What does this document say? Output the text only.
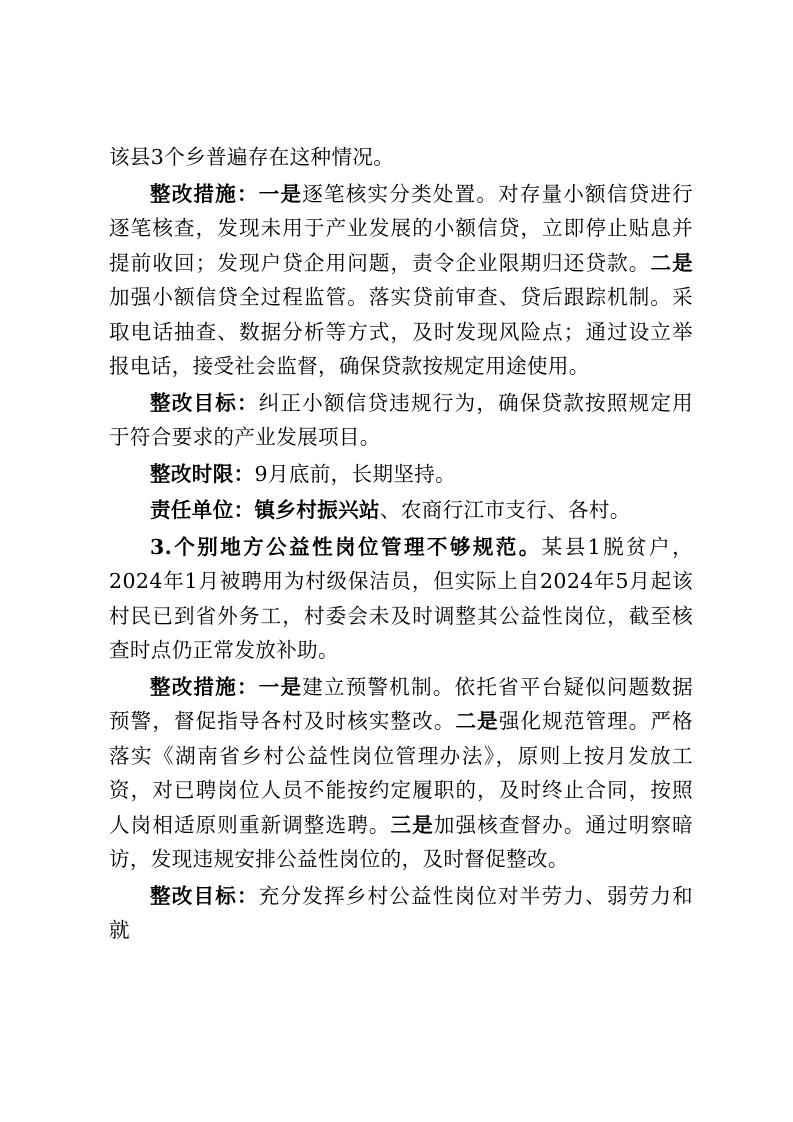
该县3个乡普遍存在这种情况。

整改措施：一是逐笔核实分类处置。对存量小额信贷进行逐笔核查，发现未用于产业发展的小额信贷，立即停止贴息并提前收回；发现户贷企用问题，责令企业限期归还贷款。二是加强小额信贷全过程监管。落实贷前审查、贷后跟踪机制。采取电话抽查、数据分析等方式，及时发现风险点；通过设立举报电话，接受社会监督，确保贷款按规定用途使用。

整改目标：纠正小额信贷违规行为，确保贷款按照规定用于符合要求的产业发展项目。

整改时限：9月底前，长期坚持。

责任单位：镇乡村振兴站、农商行江市支行、各村。

3.个别地方公益性岗位管理不够规范。某县1脱贫户，2024年1月被聘用为村级保洁员，但实际上自2024年5月起该村民已到省外务工，村委会未及时调整其公益性岗位，截至核查时点仍正常发放补助。

整改措施：一是建立预警机制。依托省平台疑似问题数据预警，督促指导各村及时核实整改。二是强化规范管理。严格落实《湖南省乡村公益性岗位管理办法》，原则上按月发放工资，对已聘岗位人员不能按约定履职的，及时终止合同，按照人岗相适原则重新调整选聘。三是加强核查督办。通过明察暗访，发现违规安排公益性岗位的，及时督促整改。

整改目标：充分发挥乡村公益性岗位对半劳力、弱劳力和就
